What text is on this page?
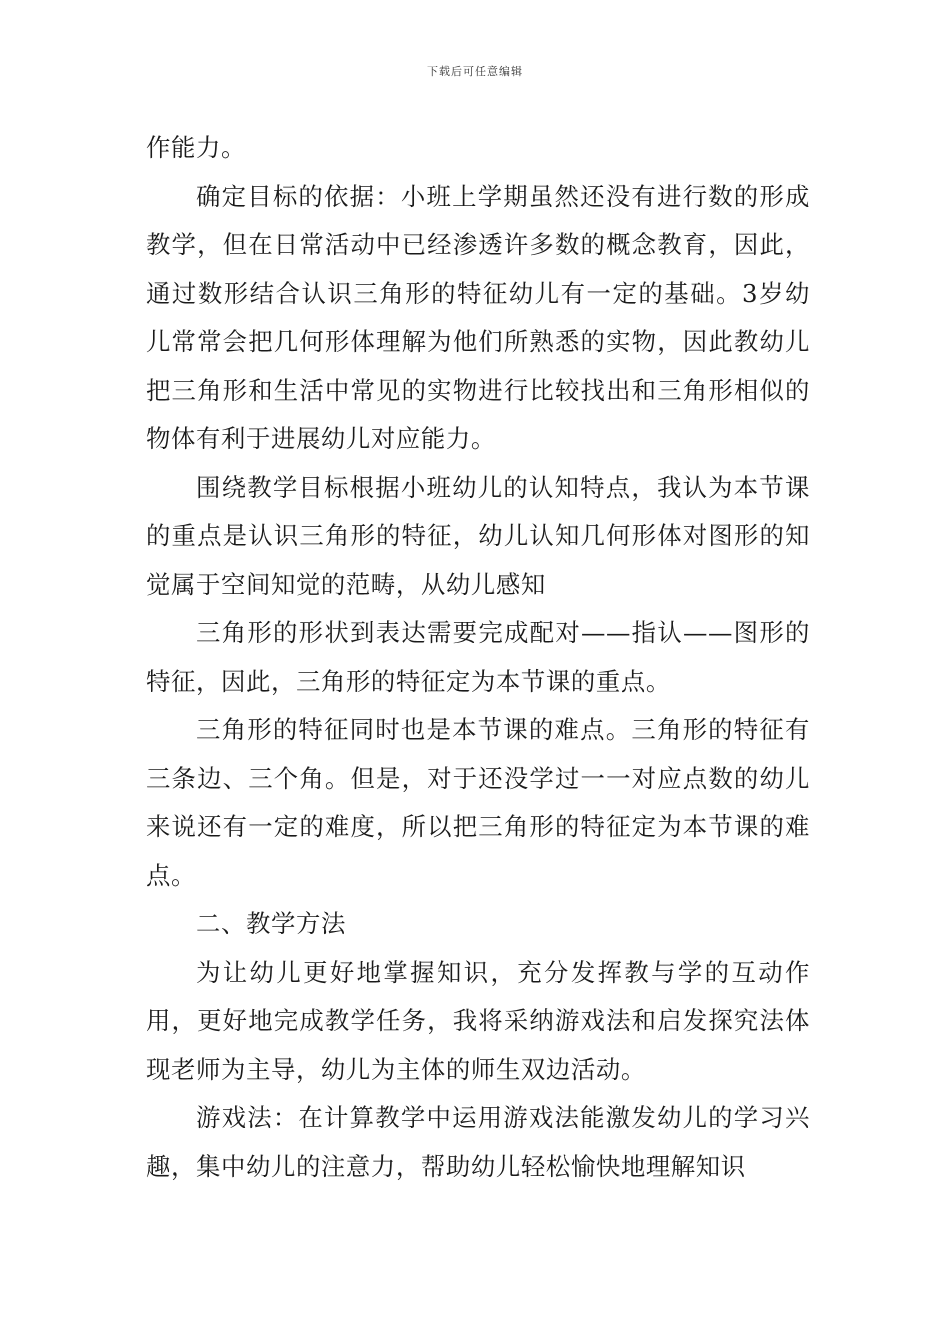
下载后可任意编辑

作能力。

确定目标的依据：小班上学期虽然还没有进行数的形成教学，但在日常活动中已经渗透许多数的概念教育，因此，通过数形结合认识三角形的特征幼儿有一定的基础。3岁幼儿常常会把几何形体理解为他们所熟悉的实物，因此教幼儿把三角形和生活中常见的实物进行比较找出和三角形相似的物体有利于进展幼儿对应能力。

围绕教学目标根据小班幼儿的认知特点，我认为本节课的重点是认识三角形的特征，幼儿认知几何形体对图形的知觉属于空间知觉的范畴，从幼儿感知

三角形的形状到表达需要完成配对——指认——图形的特征，因此，三角形的特征定为本节课的重点。

三角形的特征同时也是本节课的难点。三角形的特征有三条边、三个角。但是，对于还没学过一一对应点数的幼儿来说还有一定的难度，所以把三角形的特征定为本节课的难点。

二、教学方法

为让幼儿更好地掌握知识，充分发挥教与学的互动作用，更好地完成教学任务，我将采纳游戏法和启发探究法体现老师为主导，幼儿为主体的师生双边活动。

游戏法：在计算教学中运用游戏法能激发幼儿的学习兴趣，集中幼儿的注意力，帮助幼儿轻松愉快地理解知识
